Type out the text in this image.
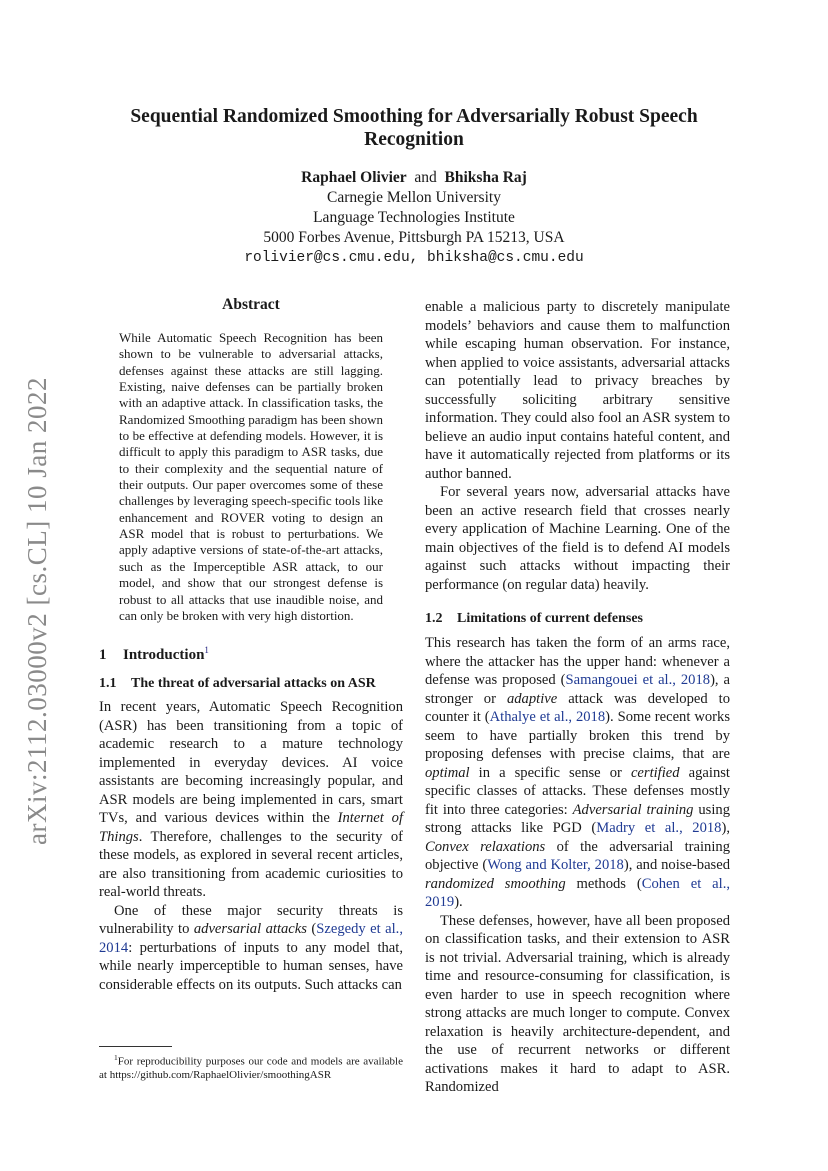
arXiv:2112.03000v2 [cs.CL] 10 Jan 2022
Sequential Randomized Smoothing for Adversarially Robust Speech Recognition
Raphael Olivier and Bhiksha Raj
Carnegie Mellon University
Language Technologies Institute
5000 Forbes Avenue, Pittsburgh PA 15213, USA
rolivier@cs.cmu.edu, bhiksha@cs.cmu.edu
Abstract
While Automatic Speech Recognition has been shown to be vulnerable to adversarial attacks, defenses against these attacks are still lagging. Existing, naive defenses can be partially broken with an adaptive attack. In classification tasks, the Randomized Smoothing paradigm has been shown to be effective at defending models. However, it is difficult to apply this paradigm to ASR tasks, due to their complexity and the sequential nature of their outputs. Our paper overcomes some of these challenges by leveraging speech-specific tools like enhancement and ROVER voting to design an ASR model that is robust to perturbations. We apply adaptive versions of state-of-the-art attacks, such as the Imperceptible ASR attack, to our model, and show that our strongest defense is robust to all attacks that use inaudible noise, and can only be broken with very high distortion.
1 Introduction$^1$
1.1 The threat of adversarial attacks on ASR

In recent years, Automatic Speech Recognition (ASR) has been transitioning from a topic of academic research to a mature technology implemented in everyday devices. AI voice assistants are becoming increasingly popular, and ASR models are being implemented in cars, smart TVs, and various devices within the Internet of Things. Therefore, challenges to the security of these models, as explored in several recent articles, are also transitioning from academic curiosities to real-world threats.

One of these major security threats is vulnerability to adversarial attacks (Szegedy et al., 2014: perturbations of inputs to any model that, while nearly imperceptible to human senses, have considerable effects on its outputs. Such attacks can

enable a malicious party to discretely manipulate models’ behaviors and cause them to malfunction while escaping human observation. For instance, when applied to voice assistants, adversarial attacks can potentially lead to privacy breaches by successfully soliciting arbitrary sensitive information. They could also fool an ASR system to believe an audio input contains hateful content, and have it automatically rejected from platforms or its author banned.

For several years now, adversarial attacks have been an active research field that crosses nearly every application of Machine Learning. One of the main objectives of the field is to defend AI models against such attacks without impacting their performance (on regular data) heavily.

1.2 Limitations of current defenses

This research has taken the form of an arms race, where the attacker has the upper hand: whenever a defense was proposed (Samangouei et al., 2018), a stronger or adaptive attack was developed to counter it (Athalye et al., 2018). Some recent works seem to have partially broken this trend by proposing defenses with precise claims, that are optimal in a specific sense or certified against specific classes of attacks. These defenses mostly fit into three categories: Adversarial training using strong attacks like PGD (Madry et al., 2018), Convex relaxations of the adversarial training objective (Wong and Kolter, 2018), and noise-based randomized smoothing methods (Cohen et al., 2019).

These defenses, however, have all been proposed on classification tasks, and their extension to ASR is not trivial. Adversarial training, which is already time and resource-consuming for classification, is even harder to use in speech recognition where strong attacks are much longer to compute. Convex relaxation is heavily architecture-dependent, and the use of recurrent networks or different activations makes it hard to adapt to ASR. Randomized

$^1$For reproducibility purposes our code and models are available at https://github.com/RaphaelOlivier/smoothingASR
